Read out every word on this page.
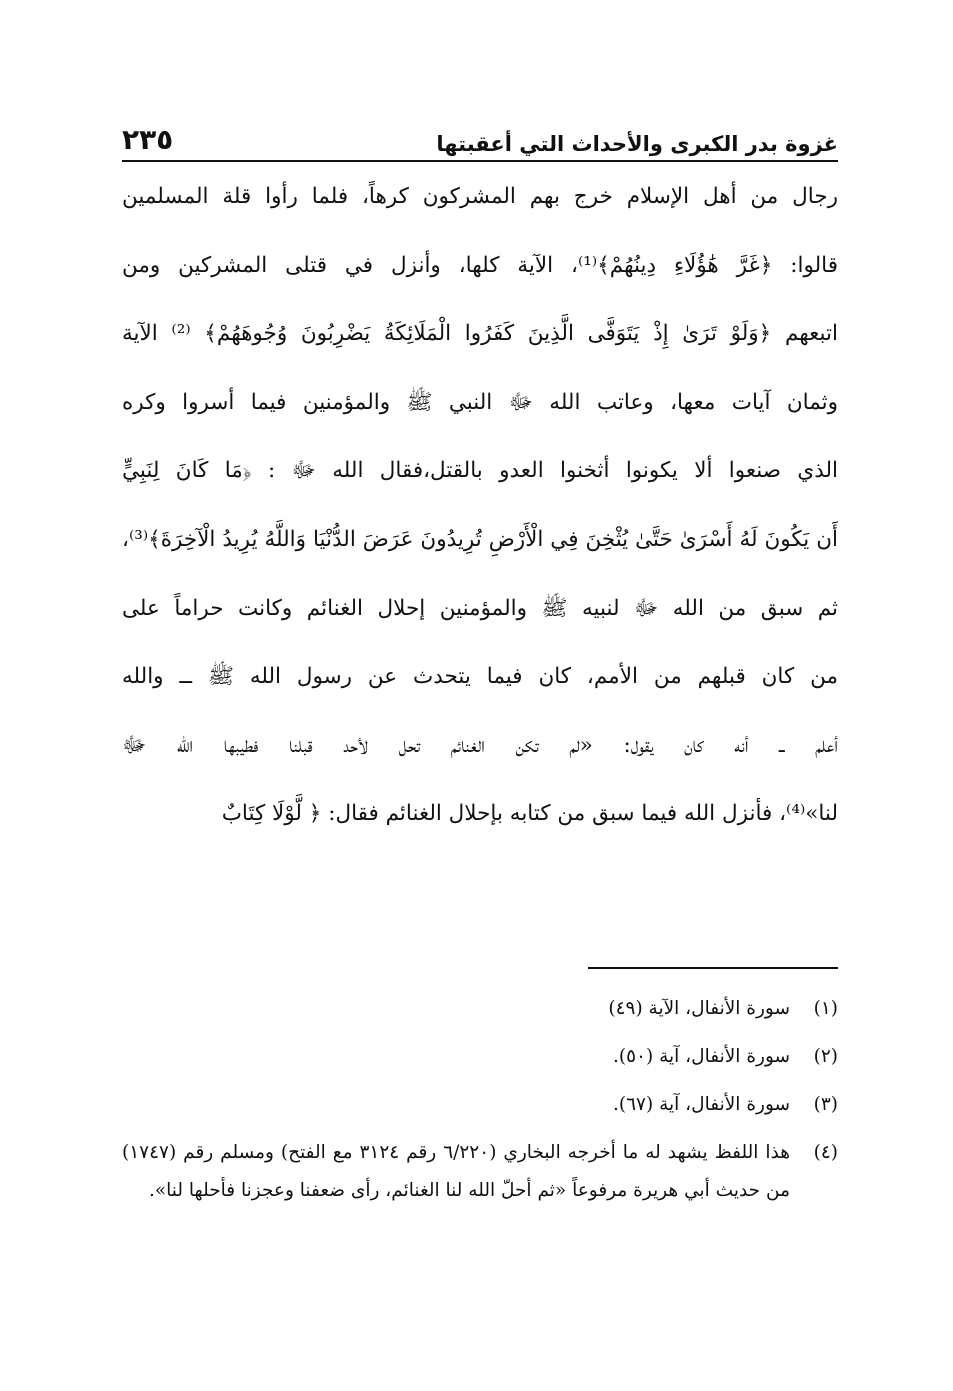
غزوة بدر الكبرى والأحداث التي أعقبتها
٢٣٥
رجال من أهل الإسلام خرج بهم المشركون كرهاً، فلما رأوا قلة المسلمين
قالوا: ﴿غَرَّ هَٰؤُلَاءِ دِينُهُمْ﴾⁽¹⁾، الآية كلها، وأنزل في قتلى المشركين ومن
اتبعهم ﴿وَلَوْ تَرَىٰ إِذْ يَتَوَفَّى الَّذِينَ كَفَرُوا الْمَلَائِكَةُ يَضْرِبُونَ وُجُوهَهُمْ﴾ ⁽²⁾ الآية
وثمان آيات معها، وعاتب الله ﷻ النبي ﷺ والمؤمنين فيما أسروا وكره
الذي صنعوا ألا يكونوا أثخنوا العدو بالقتل،فقال الله ﷻ : ﴿مَا كَانَ لِنَبِيٍّ
أَن يَكُونَ لَهُ أَسْرَىٰ حَتَّىٰ يُثْخِنَ فِي الْأَرْضِ تُرِيدُونَ عَرَضَ الدُّنْيَا وَاللَّهُ يُرِيدُ الْآخِرَةَ﴾⁽³⁾،
ثم سبق من الله ﷻ لنبيه ﷺ والمؤمنين إحلال الغنائم وكانت حراماً على
من كان قبلهم من الأمم، كان فيما يتحدث عن رسول الله ﷺ ــ والله
أعلم ــ أنه كان يقول: «لم تكن الغنائم تحل لأحد قبلنا فطيبها الله ﷻ
لنا»⁽⁴⁾، فأنزل الله فيما سبق من كتابه بإحلال الغنائم فقال: ﴿ لَّوْلَا كِتَابٌ
(١)
سورة الأنفال، الآية (٤٩)
(٢)
سورة الأنفال، آية (٥٠).
(٣)
سورة الأنفال، آية (٦٧).
(٤)
هذا اللفظ يشهد له ما أخرجه البخاري (٦/٢٢٠ رقم ٣١٢٤ مع الفتح) ومسلم رقم (١٧٤٧) من حديث أبي هريرة مرفوعاً «ثم أحلّ الله لنا الغنائم، رأى ضعفنا وعجزنا فأحلها لنا».
